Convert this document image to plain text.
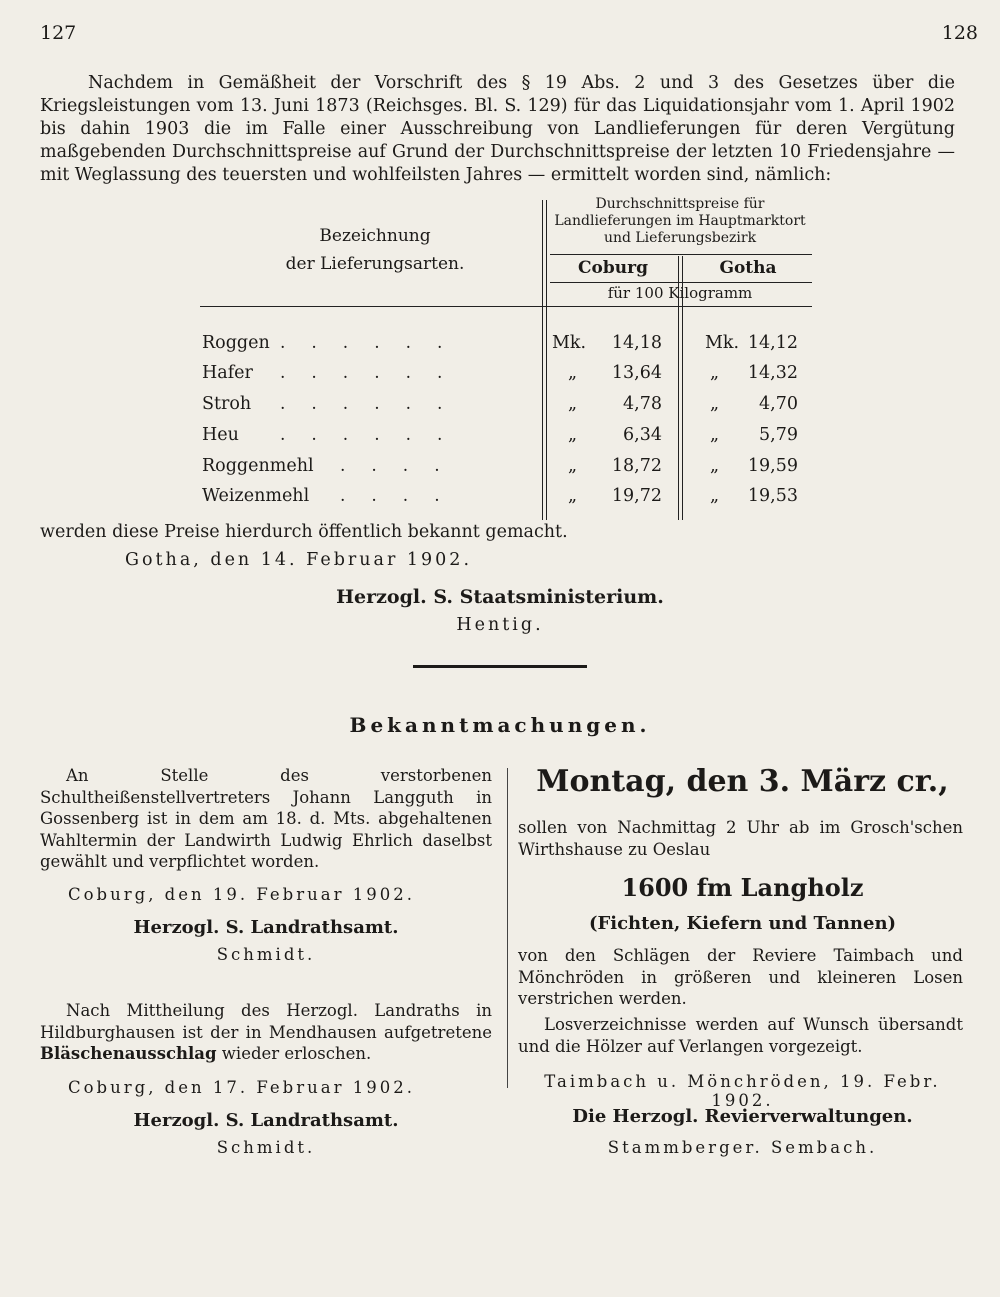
127	128

Nachdem in Gemäßheit der Vorschrift des § 19 Abs. 2 und 3 des Gesetzes über die Kriegsleistungen vom 13. Juni 1873 (Reichsges. Bl. S. 129) für das Liquidationsjahr vom 1. April 1902 bis dahin 1903 die im Falle einer Ausschreibung von Landlieferungen für deren Vergütung maßgebenden Durchschnittspreise auf Grund der Durchschnittspreise der letzten 10 Friedensjahre — mit Weglassung des teuersten und wohlfeilsten Jahres — ermittelt worden sind, nämlich:

Bezeichnung
der Lieferungsarten.
Durchschnittspreise für
Landlieferungen im Hauptmarktort
und Lieferungsbezirk
Coburg	Gotha
für 100 Kilogramm
Roggen ......	Mk.	14,18 Mk. 14,12
Hafer ......	„	13,64	„	14,32
Stroh ......	„	4,78	„	4,70
Heu ......	„	6,34	„	5,79
Roggenmehl ....	„	18,72	„	19,59
Weizenmehl ....	„	19,72	„	19,53
werden diese Preise hierdurch öffentlich bekannt gemacht.
Gotha, den 14. Februar 1902.
Herzogl. S. Staatsministerium.
Hentig.
Bekanntmachungen.

An Stelle des verstorbenen Schultheißenstellvertreters Johann Langguth in Gossenberg ist in dem am 18. d. Mts. abgehaltenen Wahltermin der Landwirth Ludwig Ehrlich daselbst gewählt und verpflichtet worden.

Coburg, den 19. Februar 1902.
Herzogl. S. Landrathsamt.
Schmidt.

Nach Mittheilung des Herzogl. Landraths in Hildburghausen ist der in Mendhausen aufgetretene Bläschenausschlag wieder erloschen.

Coburg, den 17. Februar 1902.
Herzogl. S. Landrathsamt.
Schmidt.
Montag, den 3. März cr.,
sollen von Nachmittag 2 Uhr ab im Grosch'schen Wirthshause zu Oeslau
1600 fm Langholz
(Fichten, Kiefern und Tannen)
von den Schlägen der Reviere Taimbach und Mönchröden in größeren und kleineren Losen verstrichen werden.

Losverzeichnisse werden auf Wunsch übersandt und die Hölzer auf Verlangen vorgezeigt.

Taimbach u. Mönchröden, 19. Febr. 1902.
Die Herzogl. Revierverwaltungen.
Stammberger. Sembach.
